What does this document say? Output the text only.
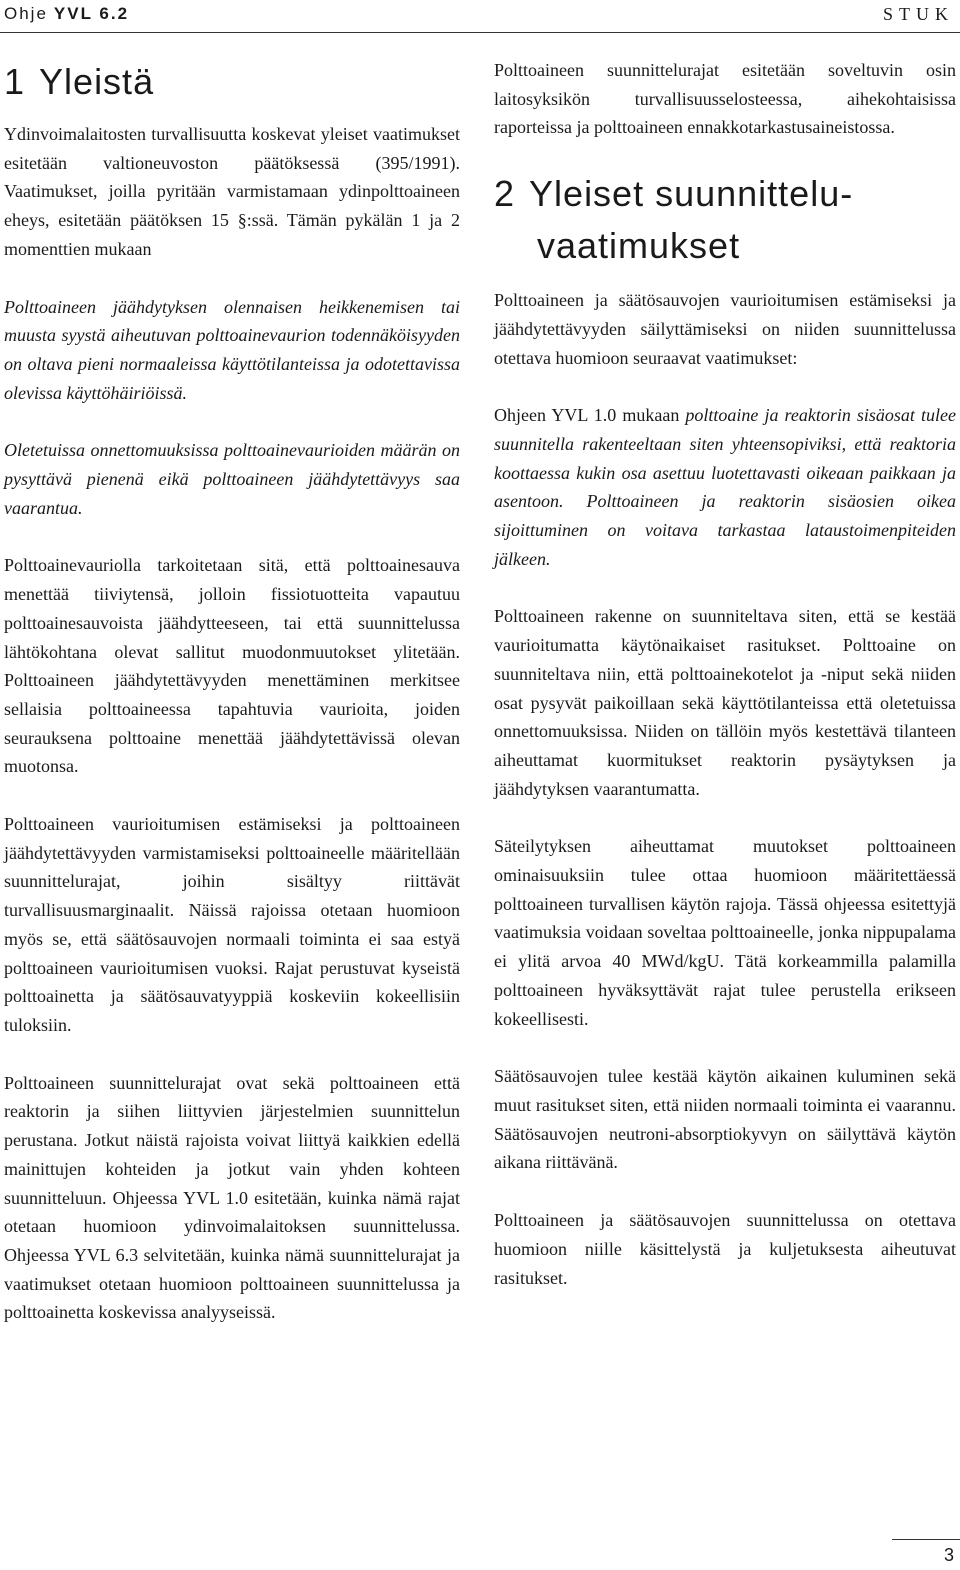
Ohje YVL 6.2	STUK
1 Yleistä

Ydinvoimalaitosten turvallisuutta koskevat yleiset vaatimukset esitetään valtioneuvoston päätöksessä (395/1991). Vaatimukset, joilla pyritään varmistamaan ydinpolttoaineen eheys, esitetään päätöksen 15 §:ssä. Tämän pykälän 1 ja 2 momenttien mukaan

Polttoaineen jäähdytyksen olennaisen heikkenemisen tai muusta syystä aiheutuvan polttoainevaurion todennäköisyyden on oltava pieni normaaleissa käyttötilanteissa ja odotettavissa olevissa käyttöhäiriöissä.

Oletetuissa onnettomuuksissa polttoainevaurioiden määrän on pysyttävä pienenä eikä polttoaineen jäähdytettävyys saa vaarantua.

Polttoainevauriolla tarkoitetaan sitä, että polttoainesauva menettää tiiviytensä, jolloin fissiotuotteita vapautuu polttoainesauvoista jäähdytteeseen, tai että suunnittelussa lähtökohtana olevat sallitut muodonmuutokset ylitetään. Polttoaineen jäähdytettävyyden menettäminen merkitsee sellaisia polttoaineessa tapahtuvia vaurioita, joiden seurauksena polttoaine menettää jäähdytettävissä olevan muotonsa.

Polttoaineen vaurioitumisen estämiseksi ja polttoaineen jäähdytettävyyden varmistamiseksi polttoaineelle määritellään suunnittelurajat, joihin sisältyy riittävät turvallisuusmarginaalit. Näissä rajoissa otetaan huomioon myös se, että säätösauvojen normaali toiminta ei saa estyä polttoaineen vaurioitumisen vuoksi. Rajat perustuvat kyseistä polttoainetta ja säätösauvatyyppiä koskeviin kokeellisiin tuloksiin.

Polttoaineen suunnittelurajat ovat sekä polttoaineen että reaktorin ja siihen liittyvien järjestelmien suunnittelun perustana. Jotkut näistä rajoista voivat liittyä kaikkien edellä mainittujen kohteiden ja jotkut vain yhden kohteen suunnitteluun. Ohjeessa YVL 1.0 esitetään, kuinka nämä rajat otetaan huomioon ydinvoimalaitoksen suunnittelussa. Ohjeessa YVL 6.3 selvitetään, kuinka nämä suunnittelurajat ja vaatimukset otetaan huomioon polttoaineen suunnittelussa ja polttoainetta koskevissa analyyseissä.

Polttoaineen suunnittelurajat esitetään soveltuvin osin laitosyksikön turvallisuusselosteessa, aihekohtaisissa raporteissa ja polttoaineen ennakkotarkastusaineistossa.

2 Yleiset suunnittelu-
vaatimukset

Polttoaineen ja säätösauvojen vaurioitumisen estämiseksi ja jäähdytettävyyden säilyttämiseksi on niiden suunnittelussa otettava huomioon seuraavat vaatimukset:

Ohjeen YVL 1.0 mukaan polttoaine ja reaktorin sisäosat tulee suunnitella rakenteeltaan siten yhteensopiviksi, että reaktoria koottaessa kukin osa asettuu luotettavasti oikeaan paikkaan ja asentoon. Polttoaineen ja reaktorin sisäosien oikea sijoittuminen on voitava tarkastaa lataustoimenpiteiden jälkeen.

Polttoaineen rakenne on suunniteltava siten, että se kestää vaurioitumatta käytönaikaiset rasitukset. Polttoaine on suunniteltava niin, että polttoainekotelot ja -niput sekä niiden osat pysyvät paikoillaan sekä käyttötilanteissa että oletetuissa onnettomuuksissa. Niiden on tällöin myös kestettävä tilanteen aiheuttamat kuormitukset reaktorin pysäytyksen ja jäähdytyksen vaarantumatta.

Säteilytyksen aiheuttamat muutokset polttoaineen ominaisuuksiin tulee ottaa huomioon määritettäessä polttoaineen turvallisen käytön rajoja. Tässä ohjeessa esitettyjä vaatimuksia voidaan soveltaa polttoaineelle, jonka nippupalama ei ylitä arvoa 40 MWd/kgU. Tätä korkeammilla palamilla polttoaineen hyväksyttävät rajat tulee perustella erikseen kokeellisesti.

Säätösauvojen tulee kestää käytön aikainen kuluminen sekä muut rasitukset siten, että niiden normaali toiminta ei vaarannu. Säätösauvojen neutroni-absorptiokyvyn on säilyttävä käytön aikana riittävänä.

Polttoaineen ja säätösauvojen suunnittelussa on otettava huomioon niille käsittelystä ja kuljetuksesta aiheutuvat rasitukset.

3
